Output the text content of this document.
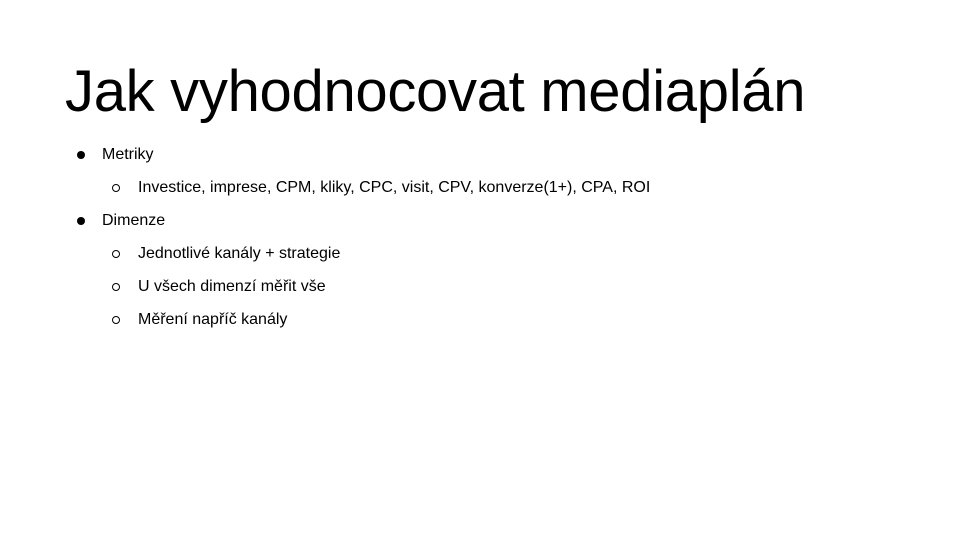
Jak vyhodnocovat mediaplán
Metriky
Investice, imprese, CPM, kliky, CPC, visit, CPV, konverze(1+), CPA, ROI
Dimenze
Jednotlivé kanály + strategie
U všech dimenzí měřit vše
Měření napříč kanály
